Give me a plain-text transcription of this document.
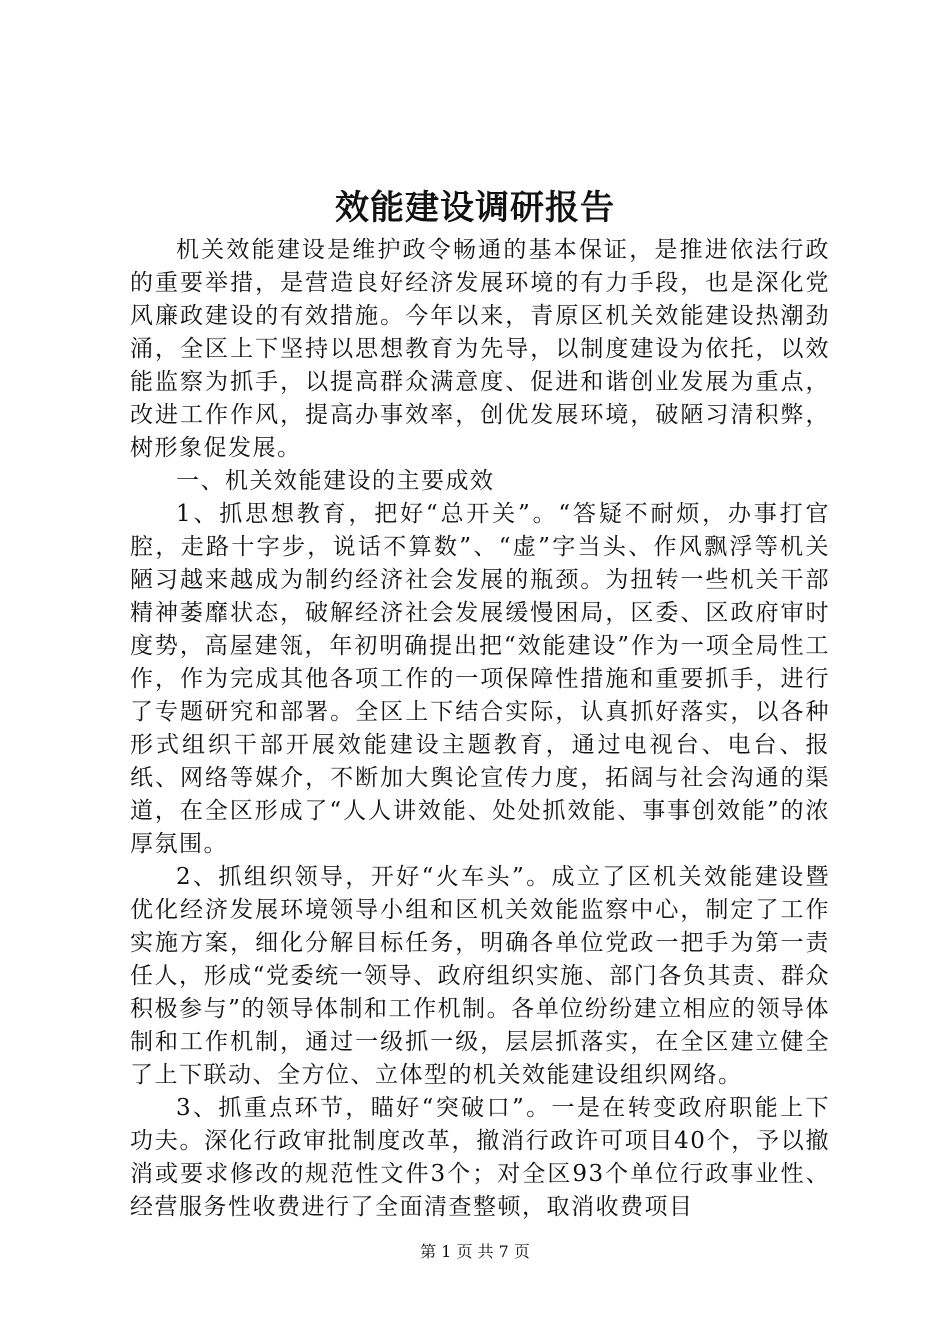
效能建设调研报告

机关效能建设是维护政令畅通的基本保证，是推进依法行政的重要举措，是营造良好经济发展环境的有力手段，也是深化党风廉政建设的有效措施。今年以来，青原区机关效能建设热潮劲涌，全区上下坚持以思想教育为先导，以制度建设为依托，以效能监察为抓手，以提高群众满意度、促进和谐创业发展为重点，改进工作作风，提高办事效率，创优发展环境，破陋习清积弊，树形象促发展。

一、机关效能建设的主要成效

1、抓思想教育，把好“总开关”。“答疑不耐烦，办事打官腔，走路十字步，说话不算数”、“虚”字当头、作风飘浮等机关陋习越来越成为制约经济社会发展的瓶颈。为扭转一些机关干部精神萎靡状态，破解经济社会发展缓慢困局，区委、区政府审时度势，高屋建瓴，年初明确提出把“效能建设”作为一项全局性工作，作为完成其他各项工作的一项保障性措施和重要抓手，进行了专题研究和部署。全区上下结合实际，认真抓好落实，以各种形式组织干部开展效能建设主题教育，通过电视台、电台、报纸、网络等媒介，不断加大舆论宣传力度，拓阔与社会沟通的渠道，在全区形成了“人人讲效能、处处抓效能、事事创效能”的浓厚氛围。

2、抓组织领导，开好“火车头”。成立了区机关效能建设暨优化经济发展环境领导小组和区机关效能监察中心，制定了工作实施方案，细化分解目标任务，明确各单位党政一把手为第一责任人，形成“党委统一领导、政府组织实施、部门各负其责、群众积极参与”的领导体制和工作机制。各单位纷纷建立相应的领导体制和工作机制，通过一级抓一级，层层抓落实，在全区建立健全了上下联动、全方位、立体型的机关效能建设组织网络。

3、抓重点环节，瞄好“突破口”。一是在转变政府职能上下功夫。深化行政审批制度改革，撤消行政许可项目40个，予以撤消或要求修改的规范性文件3个；对全区93个单位行政事业性、经营服务性收费进行了全面清查整顿，取消收费项目

第 1 页 共 7 页
